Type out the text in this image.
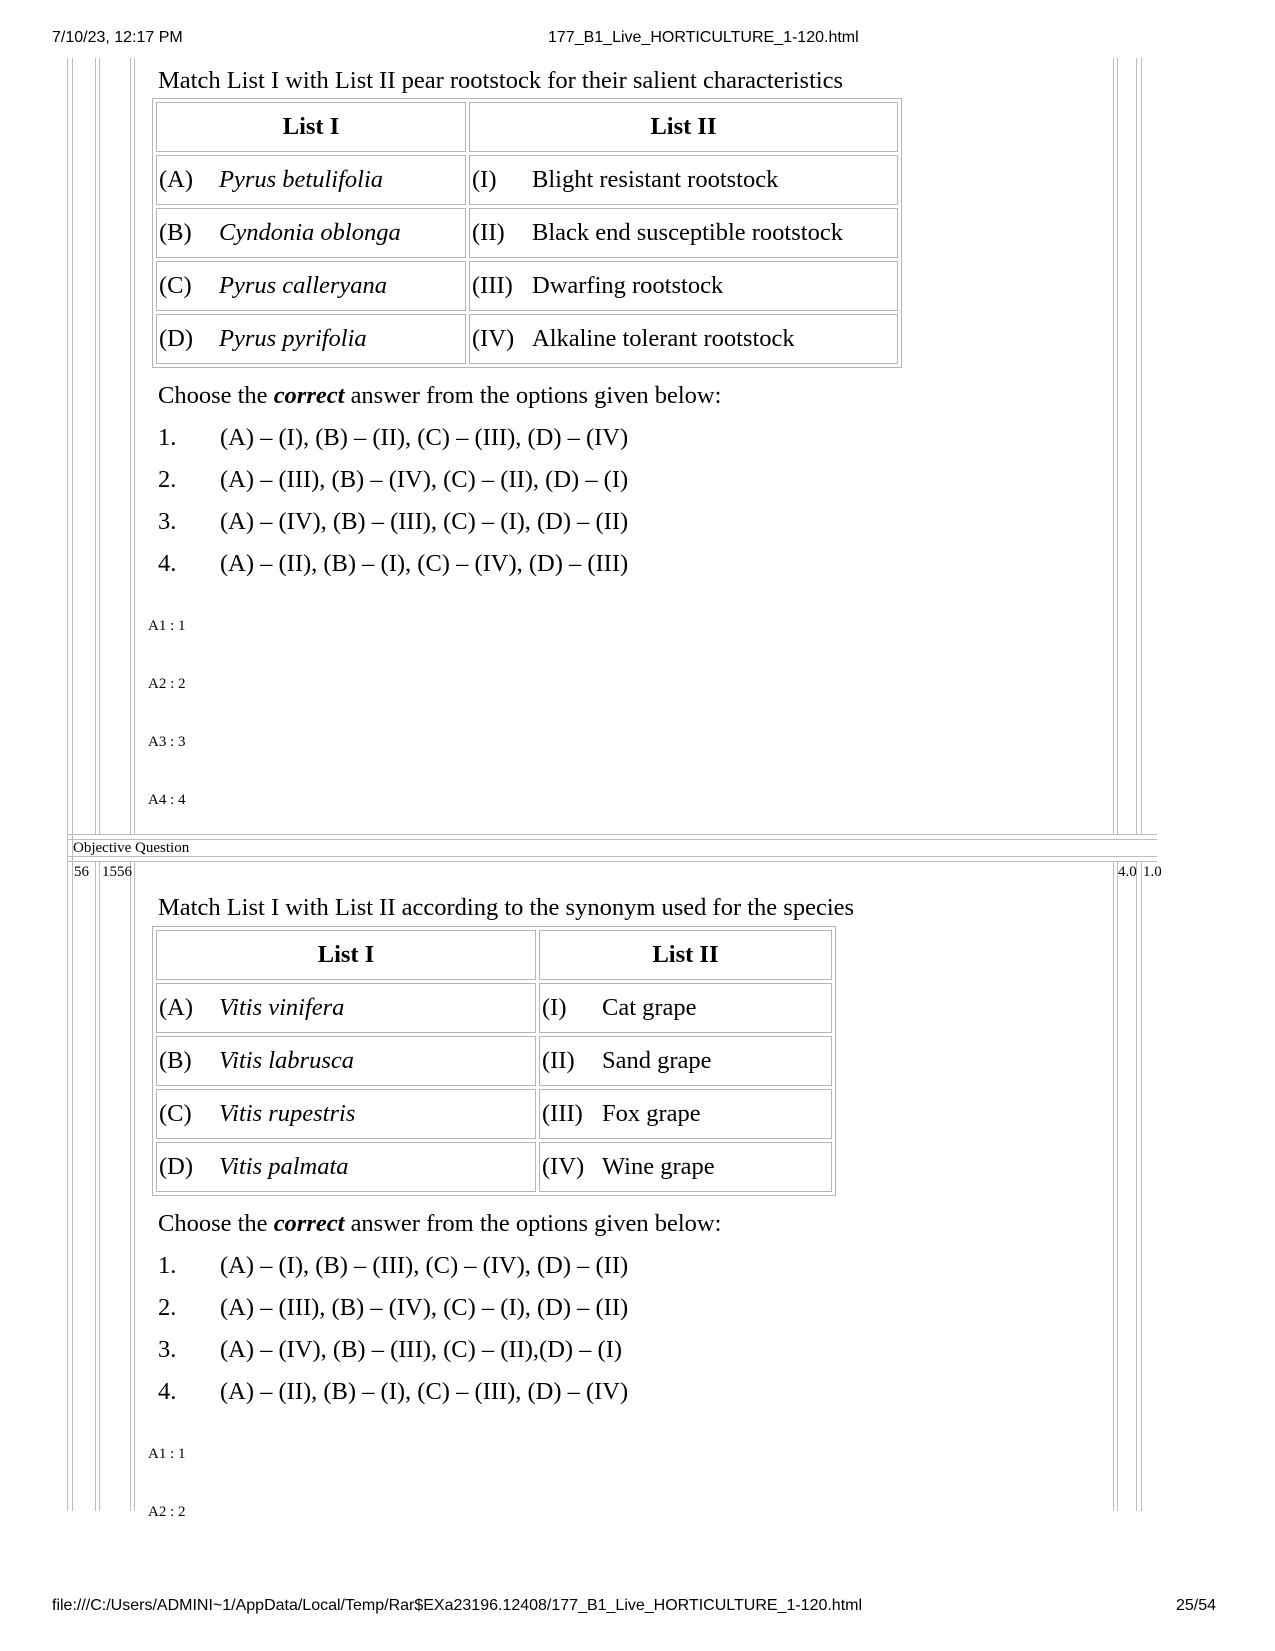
7/10/23, 12:17 PM	177_B1_Live_HORTICULTURE_1-120.html
Match List I with List II pear rootstock for their salient characteristics
List I	List II
(A) Pyrus betulifolia	(I) Blight resistant rootstock
(B) Cyndonia oblonga	(II) Black end susceptible rootstock
(C) Pyrus calleryana	(III) Dwarfing rootstock
(D) Pyrus pyrifolia	(IV) Alkaline tolerant rootstock
Choose the correct answer from the options given below:
1. (A) – (I), (B) – (II), (C) – (III), (D) – (IV)
2. (A) – (III), (B) – (IV), (C) – (II), (D) – (I)
3. (A) – (IV), (B) – (III), (C) – (I), (D) – (II)
4. (A) – (II), (B) – (I), (C) – (IV), (D) – (III)
A1 : 1
A2 : 2
A3 : 3
A4 : 4
Objective Question
56 1556	4.0 1.0
Match List I with List II according to the synonym used for the species
List I	List II
(A) Vitis vinifera	(I) Cat grape
(B) Vitis labrusca	(II) Sand grape
(C) Vitis rupestris	(III) Fox grape
(D) Vitis palmata	(IV) Wine grape
Choose the correct answer from the options given below:
1. (A) – (I), (B) – (III), (C) – (IV), (D) – (II)
2. (A) – (III), (B) – (IV), (C) – (I), (D) – (II)
3. (A) – (IV), (B) – (III), (C) – (II),(D) – (I)
4. (A) – (II), (B) – (I), (C) – (III), (D) – (IV)
A1 : 1
A2 : 2
file:///C:/Users/ADMINI~1/AppData/Local/Temp/Rar$EXa23196.12408/177_B1_Live_HORTICULTURE_1-120.html	25/54
